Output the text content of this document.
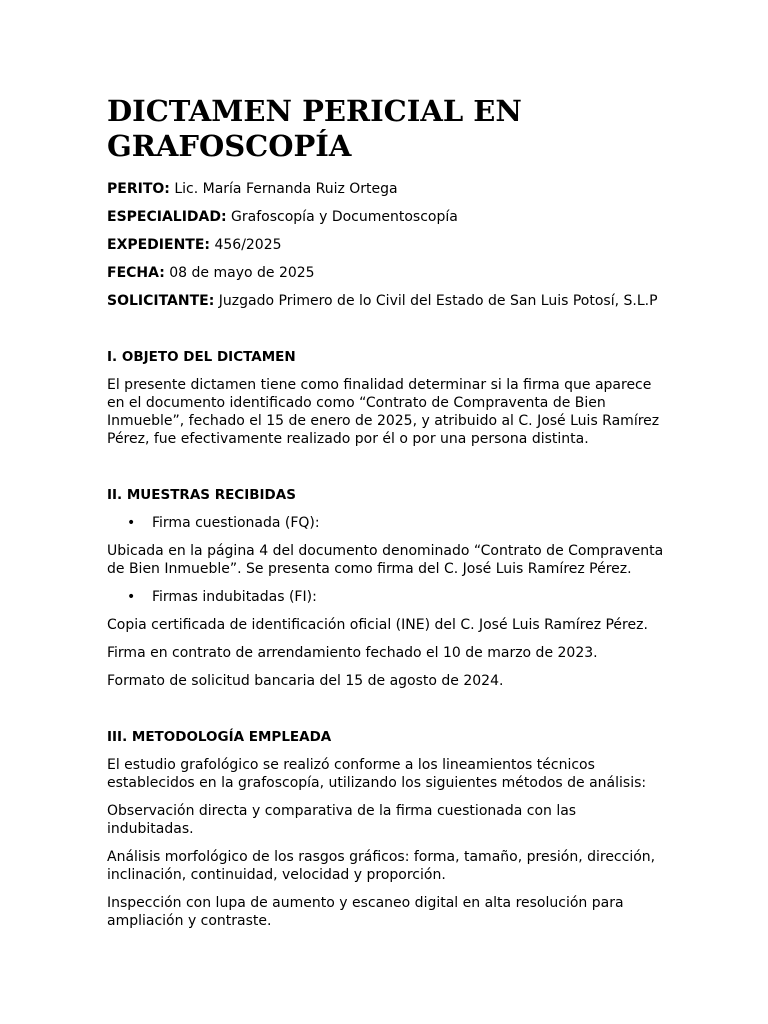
DICTAMEN PERICIAL EN
GRAFOSCOPÍA

PERITO: Lic. María Fernanda Ruiz Ortega

ESPECIALIDAD: Grafoscopía y Documentoscopía

EXPEDIENTE: 456/2025

FECHA: 08 de mayo de 2025

SOLICITANTE: Juzgado Primero de lo Civil del Estado de San Luis Potosí, S.L.P

I. OBJETO DEL DICTAMEN

El presente dictamen tiene como finalidad determinar si la firma que aparece en el documento identificado como “Contrato de Compraventa de Bien Inmueble”, fechado el 15 de enero de 2025, y atribuido al C. José Luis Ramírez Pérez, fue efectivamente realizado por él o por una persona distinta.

II. MUESTRAS RECIBIDAS

• Firma cuestionada (FQ):

Ubicada en la página 4 del documento denominado “Contrato de Compraventa de Bien Inmueble”. Se presenta como firma del C. José Luis Ramírez Pérez.

• Firmas indubitadas (FI):

Copia certificada de identificación oficial (INE) del C. José Luis Ramírez Pérez.

Firma en contrato de arrendamiento fechado el 10 de marzo de 2023.

Formato de solicitud bancaria del 15 de agosto de 2024.

III. METODOLOGÍA EMPLEADA

El estudio grafológico se realizó conforme a los lineamientos técnicos establecidos en la grafoscopía, utilizando los siguientes métodos de análisis:

Observación directa y comparativa de la firma cuestionada con las indubitadas.

Análisis morfológico de los rasgos gráficos: forma, tamaño, presión, dirección, inclinación, continuidad, velocidad y proporción.

Inspección con lupa de aumento y escaneo digital en alta resolución para ampliación y contraste.
